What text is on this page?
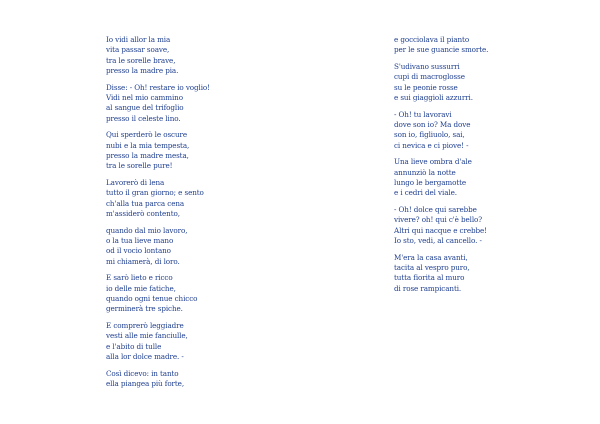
Io vidi allor la mia
vita passar soave,
tra le sorelle brave,
presso la madre pia.
Disse: - Oh! restare io voglio!
Vidi nel mio cammino
al sangue del trifoglio
presso il celeste lino.
Qui sperderò le oscure
nubi e la mia tempesta,
presso la madre mesta,
tra le sorelle pure!
Lavorerò di lena
tutto il gran giorno; e sento
ch'alla tua parca cena
m'assiderò contento,
quando dal mio lavoro,
o la tua lieve mano
od il vocio lontano
mi chiamerà, di loro.
E sarò lieto e ricco
io delle mie fatiche,
quando ogni tenue chicco
germinerà tre spiche.
E comprerò leggiadre
vesti alle mie fanciulle,
e l'abito di tulle
alla lor dolce madre. -
Così dicevo: in tanto
ella piangea più forte,
e gocciolava il pianto
per le sue guancie smorte.
S'udivano sussurri
cupi di macroglosse
su le peonie rosse
e sui giaggioli azzurri.
- Oh! tu lavoravi
dove son io? Ma dove
son io, figliuolo, sai,
ci nevica e ci piove! -
Una lieve ombra d'ale
annunziò la notte
lungo le bergamotte
e i cedri del viale.
- Oh! dolce qui sarebbe
vivere? oh! qui c'è bello?
Altri qui nacque e crebbe!
Io sto, vedi, al cancello. -
M'era la casa avanti,
tacita al vespro puro,
tutta fiorita al muro
di rose rampicanti.
